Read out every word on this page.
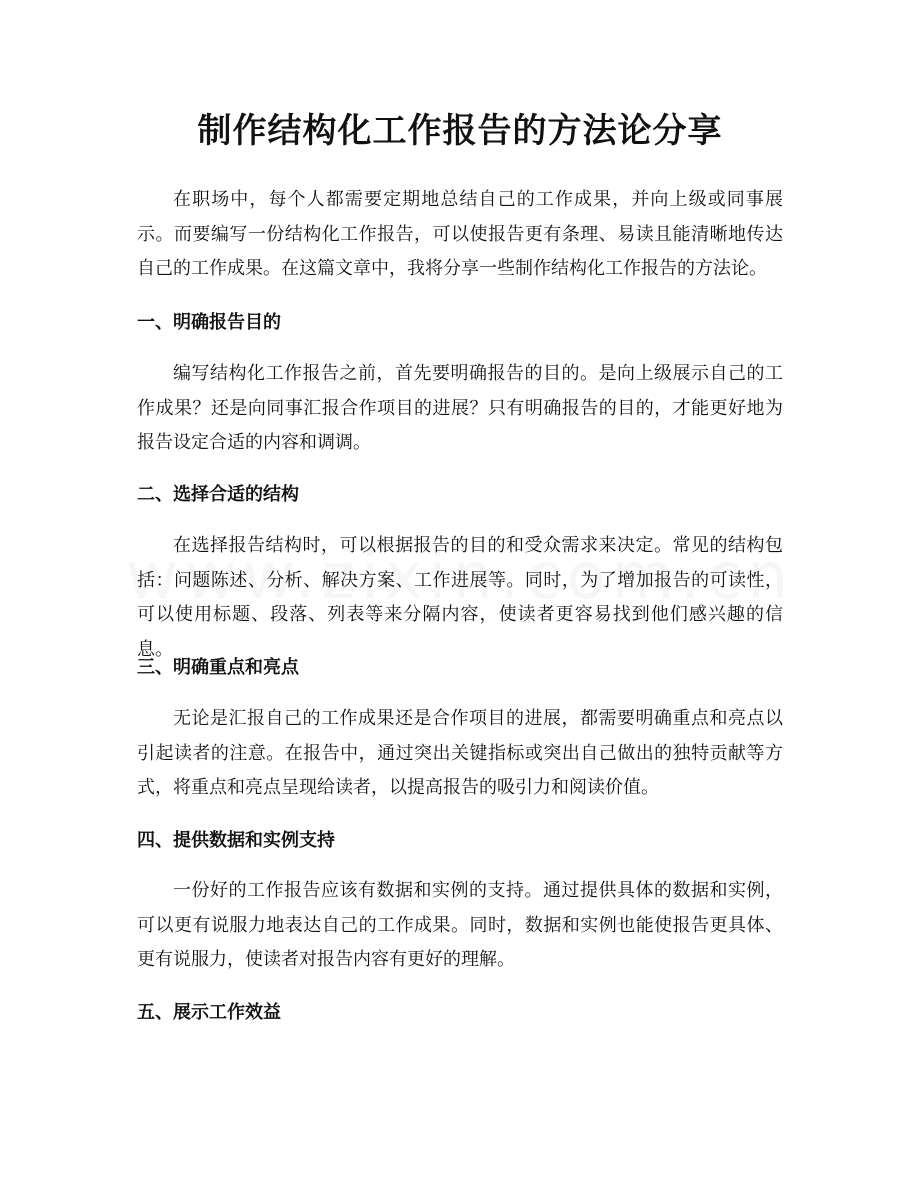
制作结构化工作报告的方法论分享

在职场中，每个人都需要定期地总结自己的工作成果，并向上级或同事展示。而要编写一份结构化工作报告，可以使报告更有条理、易读且能清晰地传达自己的工作成果。在这篇文章中，我将分享一些制作结构化工作报告的方法论。

一、明确报告目的

编写结构化工作报告之前，首先要明确报告的目的。是向上级展示自己的工作成果？还是向同事汇报合作项目的进展？只有明确报告的目的，才能更好地为报告设定合适的内容和调调。

二、选择合适的结构

在选择报告结构时，可以根据报告的目的和受众需求来决定。常见的结构包括：问题陈述、分析、解决方案、工作进展等。同时，为了增加报告的可读性，可以使用标题、段落、列表等来分隔内容，使读者更容易找到他们感兴趣的信息。

三、明确重点和亮点

无论是汇报自己的工作成果还是合作项目的进展，都需要明确重点和亮点以引起读者的注意。在报告中，通过突出关键指标或突出自己做出的独特贡献等方式，将重点和亮点呈现给读者，以提高报告的吸引力和阅读价值。

四、提供数据和实例支持

一份好的工作报告应该有数据和实例的支持。通过提供具体的数据和实例，可以更有说服力地表达自己的工作成果。同时，数据和实例也能使报告更具体、更有说服力，使读者对报告内容有更好的理解。

五、展示工作效益
